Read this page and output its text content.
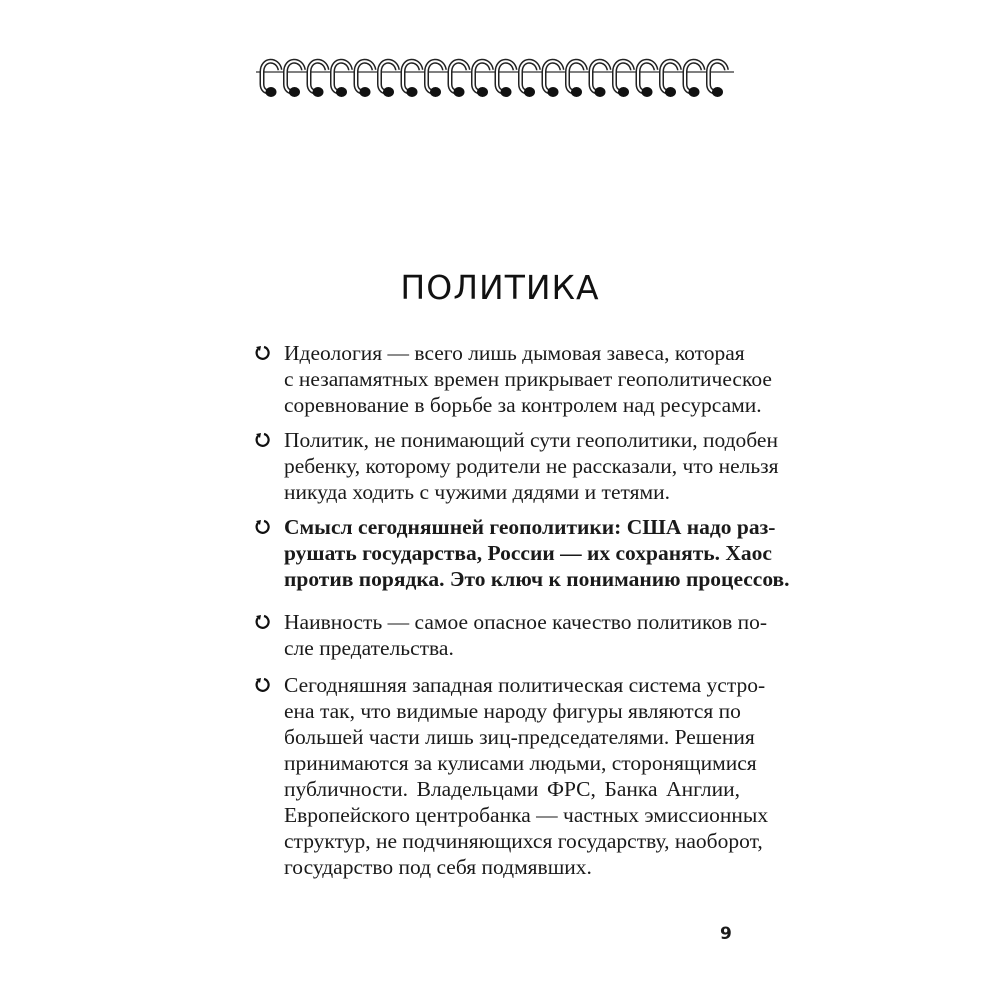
ПОЛИТИКА
Идеология — всего лишь дымовая завеса, которая
с незапамятных времен прикрывает геополитическое
соревнование в борьбе за контролем над ресурсами.
Политик, не понимающий сути геополитики, подобен
ребенку, которому родители не рассказали, что нельзя
никуда ходить с чужими дядями и тетями.
Смысл сегодняшней геополитики: США надо раз-
рушать государства, России — их сохранять. Хаос
против порядка. Это ключ к пониманию процессов.
Наивность — самое опасное качество политиков по-
сле предательства.
Сегодняшняя западная политическая система устро-
ена так, что видимые народу фигуры являются по
большей части лишь зиц-председателями. Решения
принимаются за кулисами людьми, сторонящимися
публичности. Владельцами ФРС, Банка Англии,
Европейского центробанка — частных эмиссионных
структур, не подчиняющихся государству, наоборот,
государство под себя подмявших.
9
